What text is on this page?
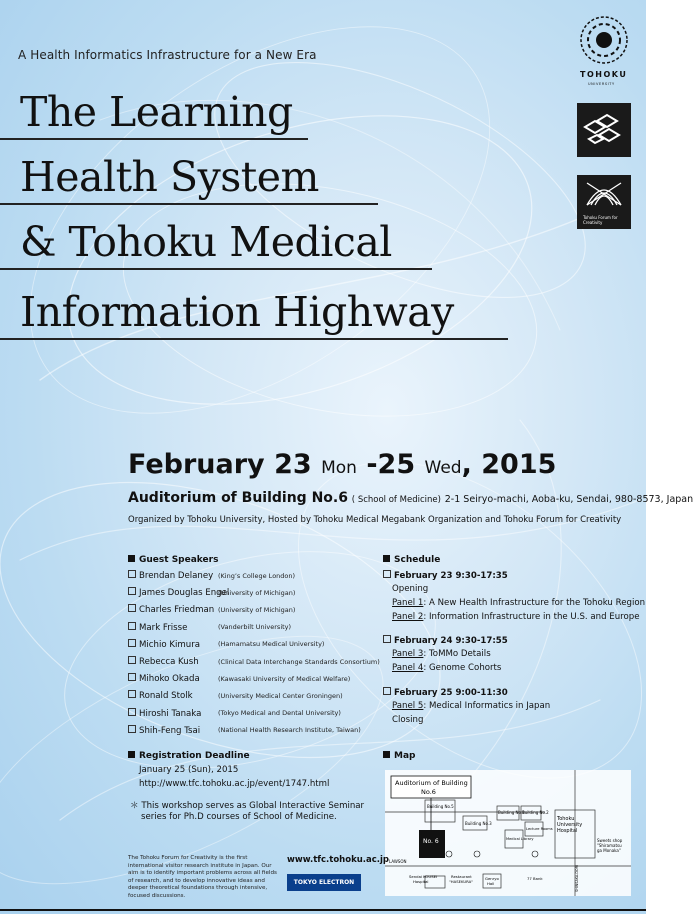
A Health Informatics Infrastructure for a New Era
The Learning
Health System
& Tohoku Medical
Information Highway
TOHOKU
UNIVERSITY
Tohoku Forum for Creativity
February 23 Mon -25 Wed, 2015
Auditorium of Building No.6 ( School of Medicine) 2-1 Seiryo-machi, Aoba-ku, Sendai, 980-8573, Japan
Organized by Tohoku University, Hosted by Tohoku Medical Megabank Organization and Tohoku Forum for Creativity
Guest Speakers
Brendan Delaney (King’s College London)
James Douglas Engel
(University of Michigan)
Charles Friedman (University of Michigan)
Mark Frisse	(Vanderbilt University)
Michio Kimura	(Hamamatsu Medical University)
Rebecca Kush	(Clinical Data Interchange Standards Consortium)
Mihoko Okada	(Kawasaki University of Medical Welfare)
Ronald Stolk	(University Medical Center Groningen)
Hiroshi Tanaka	(Tokyo Medical and Dental University)
Shih-Feng Tsai	(National Health Research Institute, Taiwan)
Schedule
February 23 9:30-17:35
Opening
Panel 1: A New Health Infrastructure for the Tohoku Region
Panel 2: Information Infrastructure in the U.S. and Europe
February 24 9:30-17:55
Panel 3: ToMMo Details
Panel 4: Genome Cohorts
February 25 9:00-11:30
Panel 5: Medical Informatics in Japan
Closing
Registration Deadline
January 25 (Sun), 2015
http://www.tfc.tohoku.ac.jp/event/1747.html
＊ This workshop serves as Global Interactive Seminar
series for Ph.D courses of School of Medicine.
Map
Auditorium of Building
No.6
No. 6
Building No.5
Building No.3
Building No.1
Building No.2
Medical Library
Lecture Rooms
Tohoku
University
Hospital
Sweets shop
"Shiramatsu
ga Monaka"
LAWSON
Sendai KOUSEI
Hospital
Restaurant
"HASEKURA"
Genryo
Hall
77 Bank	SHINSAKA-DORI
The Tohoku Forum for Creativity is the first international visitor research institute in Japan. Our aim is to identify important problems across all fields of research, and to develop innovative ideas and deeper theoretical foundations through intensive, focused discussions.
www.tfc.tohoku.ac.jp
TOKYO ELECTRON
